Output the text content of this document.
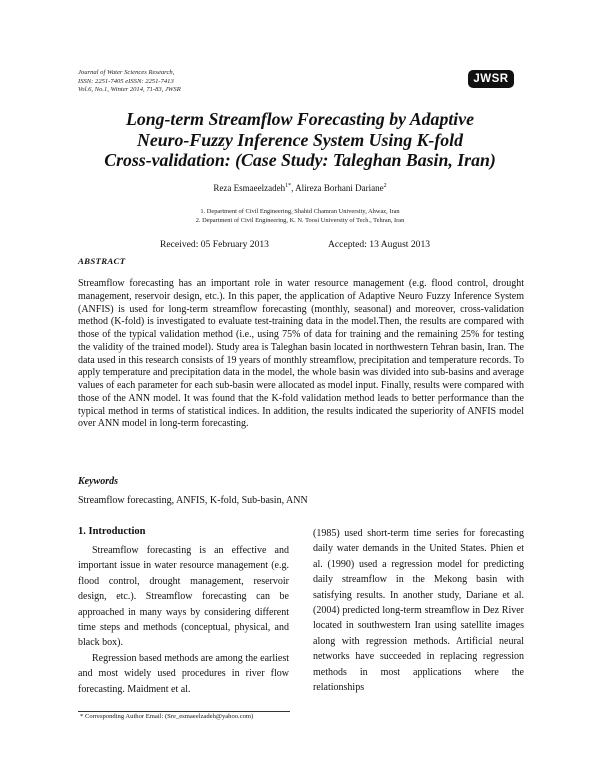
Journal of Water Sciences Research,
ISSN: 2251-7405 eISSN: 2251-7413
Vol.6, No.1, Winter 2014, 71-83, JWSR
JWSR
Long-term Streamflow Forecasting by Adaptive
Neuro-Fuzzy Inference System Using K-fold
Cross-validation: (Case Study: Taleghan Basin, Iran)
Reza Esmaeelzadeh$^{1*}$, Alireza Borhani Dariane$^2$
1. Department of Civil Engineering, Shahid Chamran University, Ahwaz, Iran
2. Department of Civil Engineering, K. N. Toosi University of Tech., Tehran, Iran
Received: 05 February 2013	Accepted: 13 August 2013
ABSTRACT
Streamflow forecasting has an important role in water resource management (e.g. flood control, drought management, reservoir design, etc.). In this paper, the application of Adaptive Neuro Fuzzy Inference System (ANFIS) is used for long-term streamflow forecasting (monthly, seasonal) and moreover, cross-validation method (K-fold) is investigated to evaluate test-training data in the model.Then, the results are compared with those of the typical validation method (i.e., using 75% of data for training and the remaining 25% for testing the validity of the trained model). Study area is Taleghan basin located in northwestern Tehran basin, Iran. The data used in this research consists of 19 years of monthly streamflow, precipitation and temperature records. To apply temperature and precipitation data in the model, the whole basin was divided into sub-basins and average values of each parameter for each sub-basin were allocated as model input. Finally, results were compared with those of the ANN model. It was found that the K-fold validation method leads to better performance than the typical method in terms of statistical indices. In addition, the results indicated the superiority of ANFIS model over ANN model in long-term forecasting.
Keywords
Streamflow forecasting, ANFIS, K-fold, Sub-basin, ANN
1. Introduction

Streamflow forecasting is an effective and important issue in water resource management (e.g. flood control, drought management, reservoir design, etc.). Streamflow forecasting can be approached in many ways by considering different time steps and methods (conceptual, physical, and black box).

Regression based methods are among the earliest and most widely used procedures in river flow forecasting. Maidment et al.

(1985) used short-term time series for forecasting daily water demands in the United States. Phien et al. (1990) used a regression model for predicting daily streamflow in the Mekong basin with satisfying results. In another study, Dariane et al. (2004) predicted long-term streamflow in Dez River located in southwestern Iran using satellite images along with regression methods. Artificial neural networks have succeeded in replacing regression methods in most applications where the relationships

* Corresponding Author Email: (Sre_esmaeelzadeh@yahoo.com)
